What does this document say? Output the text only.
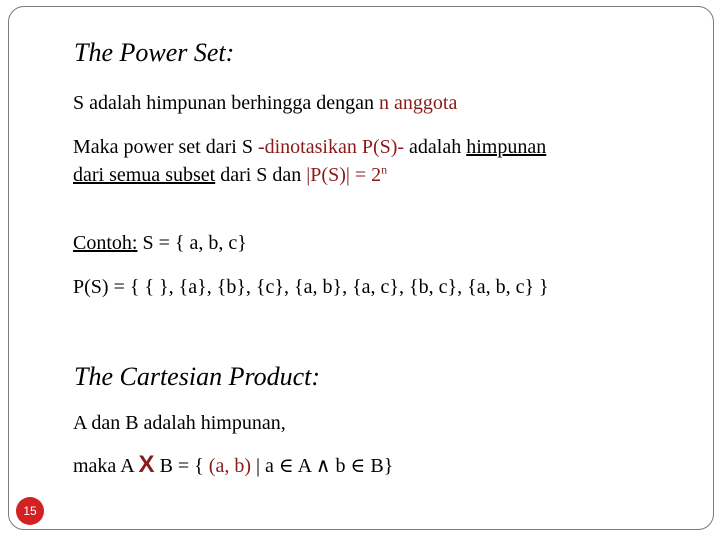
The Power Set:
S adalah himpunan berhingga dengan n anggota
Maka power set dari S -dinotasikan P(S)- adalah himpunan
dari semua subset dari S dan $|P(S)| = 2^n$
Contoh: S = { a, b, c}
P(S) = { { }, {a}, {b}, {c}, {a, b}, {a, c}, {b, c}, {a, b, c} }
The Cartesian Product:
A dan B adalah himpunan,
maka A X B = { (a, b) | a ∈ A ∧ b ∈ B}
15
